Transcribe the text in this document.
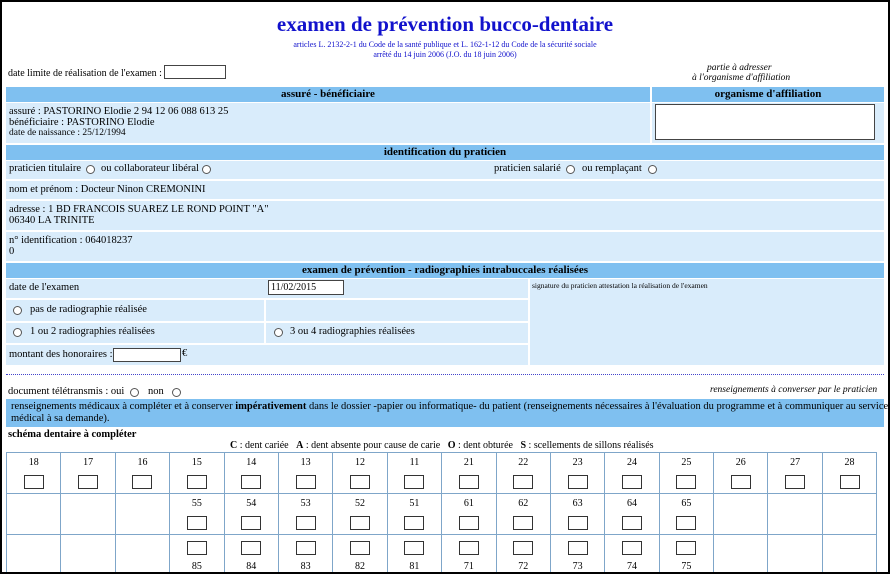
examen de prévention bucco-dentaire
articles L. 2132-2-1 du Code de la santé publique et L. 162-1-12 du Code de la sécurité sociale
arrêté du 14 juin 2006 (J.O. du 18 juin 2006)
date limite de réalisation de l'examen :	partie à adresser
à l'organisme d'affiliation
assuré - bénéficiaire	organisme d'affiliation
assuré : PASTORINO Elodie 2 94 12 06 088 613 25
bénéficiaire : PASTORINO Elodie
date de naissance : 25/12/1994
identification du praticien
praticien titulaire ou collaborateur libéral	praticien salarié ou remplaçant
nom et prénom : Docteur Ninon CREMONINI
adresse : 1 BD FRANCOIS SUAREZ LE ROND POINT "A"
06340 LA TRINITE
n° identification : 064018237
0
examen de prévention - radiographies intrabuccales réalisées
date de l'examen	11/02/2015	signature du praticien attestation la réalisation de l'examen
pas de radiographie réalisée
1 ou 2 radiographies réalisées	3 ou 4 radiographies réalisées
montant des honoraires :	€
document télétransmis : oui non	renseignements à converser par le praticien
renseignements médicaux à compléter et à conserver impérativement dans le dossier -papier ou informatique- du patient (renseignements nécessaires à l'évaluation du programme et à communiquer au service
médical à sa demande).
schéma dentaire à compléter
C : dent cariée   A : dent absente pour cause de carie   O : dent obturée   S : scellements de sillons réalisés
18	17	16	15	14	13	12	11	21	22	23	24	25	26	27	28

			55	54	53	52	51	61	62	63	64	65			

			85	84	83	82	81	71	72	73	74	75			
